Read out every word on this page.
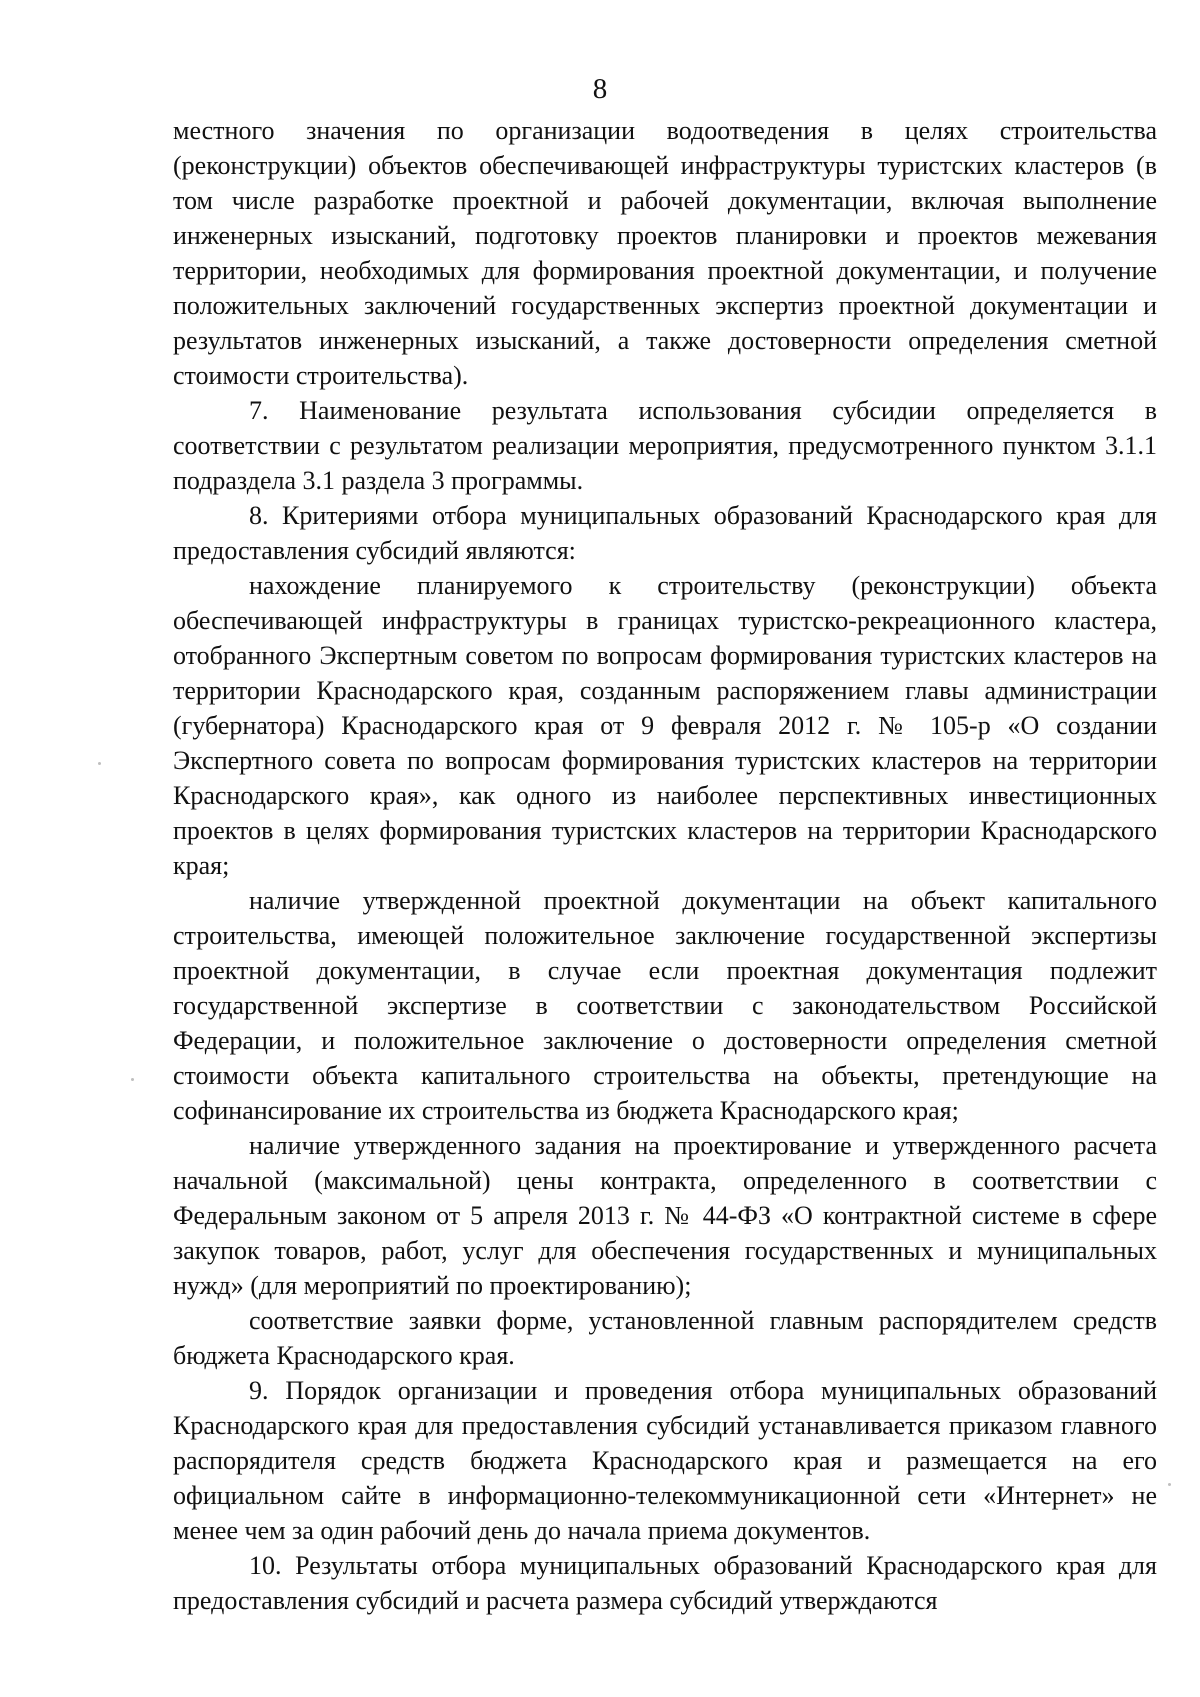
8

местного значения по организации водоотведения в целях строительства (реконструкции) объектов обеспечивающей инфраструктуры туристских кластеров (в том числе разработке проектной и рабочей документации, включая выполнение инженерных изысканий, подготовку проектов планировки и проектов межевания территории, необходимых для формирования проектной документации, и получение положительных заключений государственных экспертиз проектной документации и результатов инженерных изысканий, а также достоверности определения сметной стоимости строительства).

7. Наименование результата использования субсидии определяется в соответствии с результатом реализации мероприятия, предусмотренного пунктом 3.1.1 подраздела 3.1 раздела 3 программы.

8. Критериями отбора муниципальных образований Краснодарского края для предоставления субсидий являются:

нахождение планируемого к строительству (реконструкции) объекта обеспечивающей инфраструктуры в границах туристско-рекреационного кластера, отобранного Экспертным советом по вопросам формирования туристских кластеров на территории Краснодарского края, созданным распоряжением главы администрации (губернатора) Краснодарского края от 9 февраля 2012 г. № 105-р «О создании Экспертного совета по вопросам формирования туристских кластеров на территории Краснодарского края», как одного из наиболее перспективных инвестиционных проектов в целях формирования туристских кластеров на территории Краснодарского края;

наличие утвержденной проектной документации на объект капитального строительства, имеющей положительное заключение государственной экспертизы проектной документации, в случае если проектная документация подлежит государственной экспертизе в соответствии с законодательством Российской Федерации, и положительное заключение о достоверности определения сметной стоимости объекта капитального строительства на объекты, претендующие на софинансирование их строительства из бюджета Краснодарского края;

наличие утвержденного задания на проектирование и утвержденного расчета начальной (максимальной) цены контракта, определенного в соответствии с Федеральным законом от 5 апреля 2013 г. № 44-ФЗ «О контрактной системе в сфере закупок товаров, работ, услуг для обеспечения государственных и муниципальных нужд» (для мероприятий по проектированию);

соответствие заявки форме, установленной главным распорядителем средств бюджета Краснодарского края.

9. Порядок организации и проведения отбора муниципальных образований Краснодарского края для предоставления субсидий устанавливается приказом главного распорядителя средств бюджета Краснодарского края и размещается на его официальном сайте в информационно-телекоммуникационной сети «Интернет» не менее чем за один рабочий день до начала приема документов.

10. Результаты отбора муниципальных образований Краснодарского края для предоставления субсидий и расчета размера субсидий утверждаются
